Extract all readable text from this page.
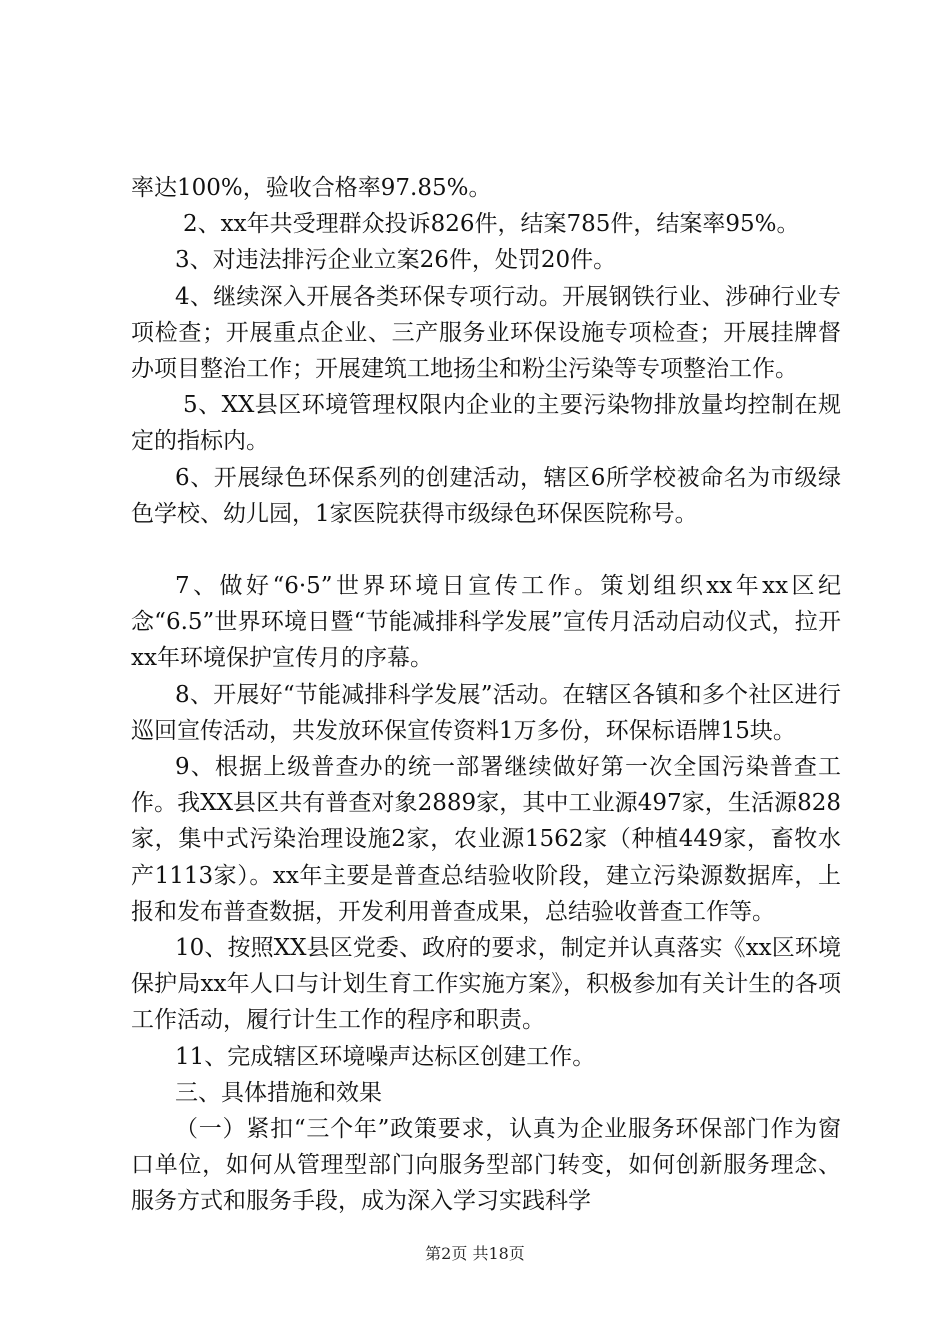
率达100%，验收合格率97.85%。

2、xx年共受理群众投诉826件，结案785件，结案率95%。

3、对违法排污企业立案26件，处罚20件。

4、继续深入开展各类环保专项行动。开展钢铁行业、涉砷行业专项检查；开展重点企业、三产服务业环保设施专项检查；开展挂牌督办项目整治工作；开展建筑工地扬尘和粉尘污染等专项整治工作。

5、XX县区环境管理权限内企业的主要污染物排放量均控制在规定的指标内。

6、开展绿色环保系列的创建活动，辖区6所学校被命名为市级绿色学校、幼儿园，1家医院获得市级绿色环保医院称号。

7、做好“6·5”世界环境日宣传工作。策划组织xx年xx区纪念“6.5”世界环境日暨“节能减排科学发展”宣传月活动启动仪式，拉开xx年环境保护宣传月的序幕。

8、开展好“节能减排科学发展”活动。在辖区各镇和多个社区进行巡回宣传活动，共发放环保宣传资料1万多份，环保标语牌15块。

9、根据上级普查办的统一部署继续做好第一次全国污染普查工作。我XX县区共有普查对象2889家，其中工业源497家，生活源828家，集中式污染治理设施2家，农业源1562家（种植449家，畜牧水产1113家）。xx年主要是普查总结验收阶段，建立污染源数据库，上报和发布普查数据，开发利用普查成果，总结验收普查工作等。

10、按照XX县区党委、政府的要求，制定并认真落实《xx区环境保护局xx年人口与计划生育工作实施方案》，积极参加有关计生的各项工作活动，履行计生工作的程序和职责。

11、完成辖区环境噪声达标区创建工作。

三、具体措施和效果

（一）紧扣“三个年”政策要求，认真为企业服务环保部门作为窗口单位，如何从管理型部门向服务型部门转变，如何创新服务理念、服务方式和服务手段，成为深入学习实践科学

第2页 共18页
